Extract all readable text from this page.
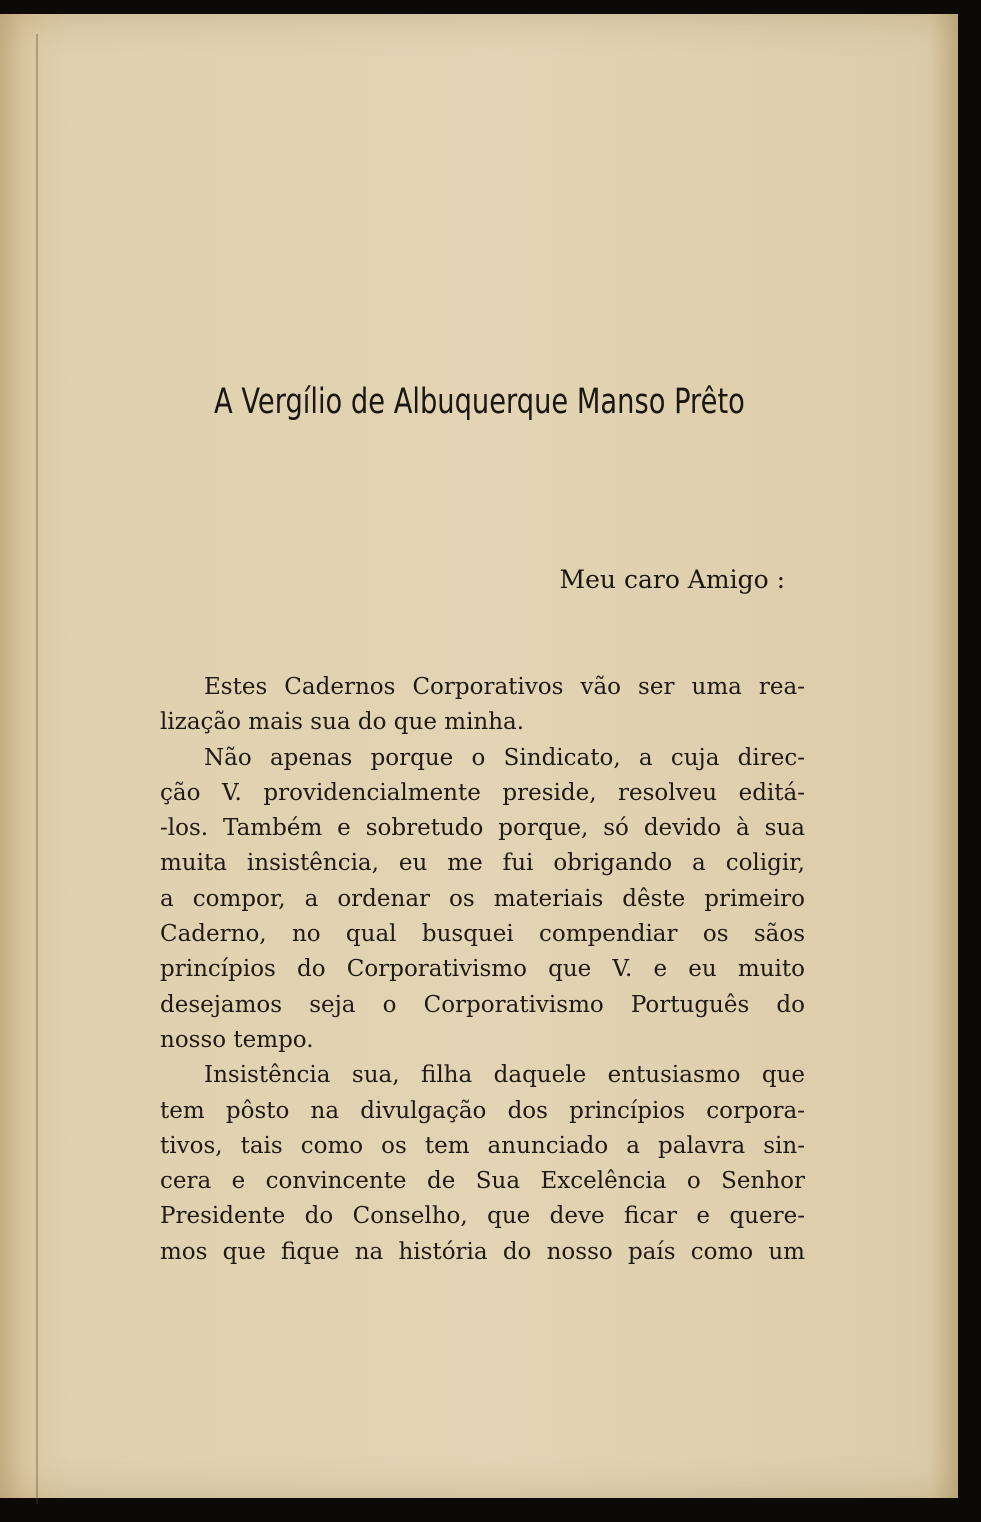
A Vergílio de Albuquerque Manso Prêto
Meu caro Amigo :
Estes Cadernos Corporativos vão ser uma rea-
lização mais sua do que minha.
Não apenas porque o Sindicato, a cuja direc-
ção V. providencialmente preside, resolveu editá-
-los. Também e sobretudo porque, só devido à sua
muita insistência, eu me fui obrigando a coligir,
a compor, a ordenar os materiais dêste primeiro
Caderno, no qual busquei compendiar os sãos
princípios do Corporativismo que V. e eu muito
desejamos seja o Corporativismo Português do
nosso tempo.
Insistência sua, filha daquele entusiasmo que
tem pôsto na divulgação dos princípios corpora-
tivos, tais como os tem anunciado a palavra sin-
cera e convincente de Sua Excelência o Senhor
Presidente do Conselho, que deve ficar e quere-
mos que fique na história do nosso país como um
